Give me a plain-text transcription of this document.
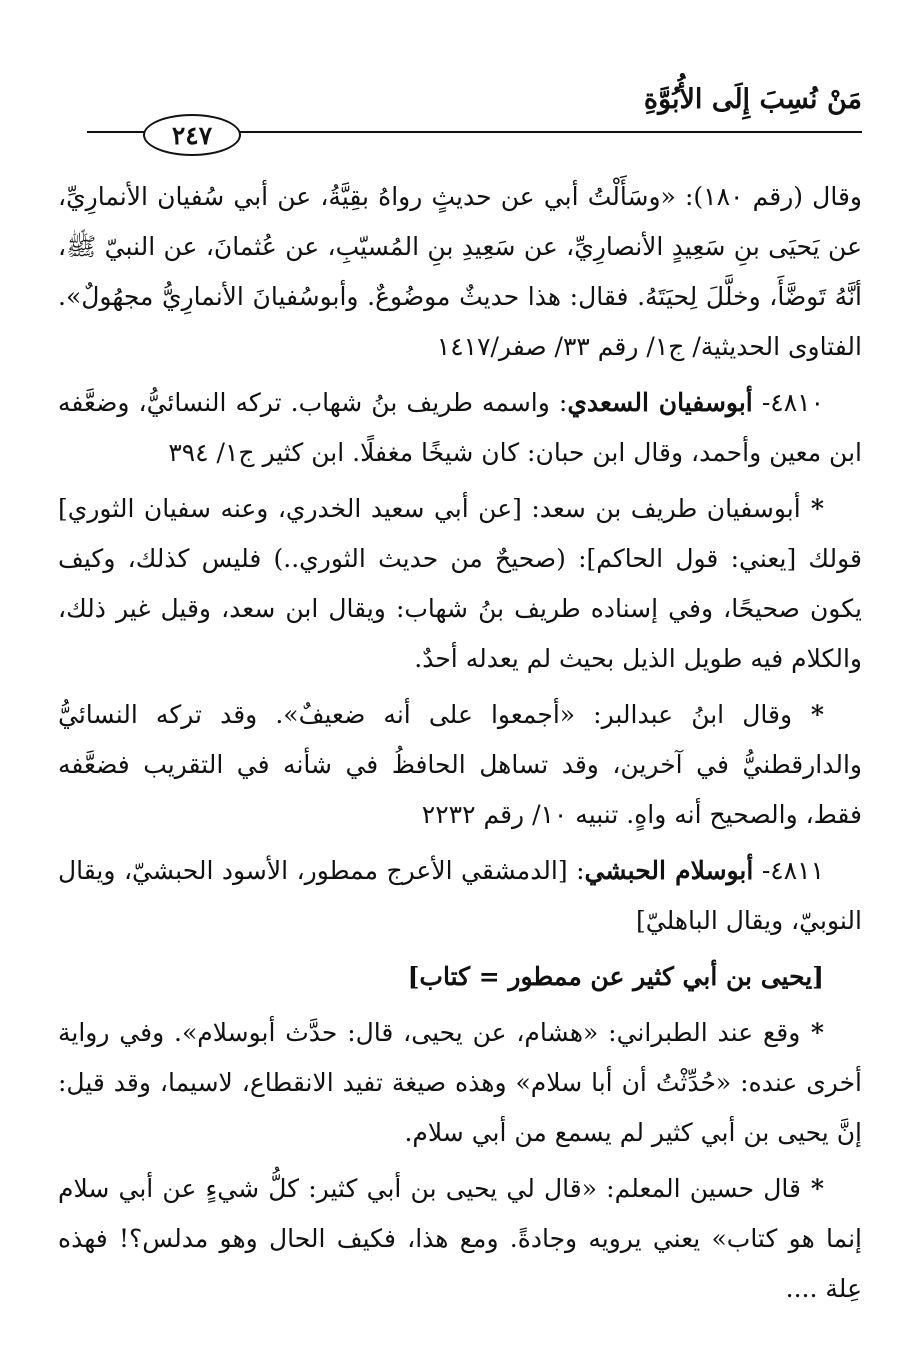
مَنْ نُسِبَ إِلَى الأُبُوَّةِ
٢٤٧

وقال (رقم ١٨٠): «وسَأَلْتُ أبي عن حديثٍ رواهُ بقِيَّةُ، عن أبي سُفيان الأنمارِيِّ، عن يَحيَى بنِ سَعِيدٍ الأنصارِيِّ، عن سَعِيدِ بنِ المُسيّبِ، عن عُثمانَ، عن النبيّ ﷺ، أنَّهُ تَوضَّأَ، وخلَّلَ لِحيَتَهُ. فقال: هذا حديثٌ موضُوعٌ. وأبوسُفيانَ الأنمارِيُّ مجهُولٌ». الفتاوى الحديثية/ ج١/ رقم ٣٣/ صفر/١٤١٧

٤٨١٠- أبوسفيان السعدي: واسمه طريف بنُ شهاب. تركه النسائيُّ، وضعَّفه ابن معين وأحمد، وقال ابن حبان: كان شيخًا مغفلًا. ابن كثير ج١/ ٣٩٤

* أبوسفيان طريف بن سعد: [عن أبي سعيد الخدري، وعنه سفيان الثوري] قولك [يعني: قول الحاكم]: (صحيحٌ من حديث الثوري..) فليس كذلك، وكيف يكون صحيحًا، وفي إسناده طريف بنُ شهاب: ويقال ابن سعد، وقيل غير ذلك، والكلام فيه طويل الذيل بحيث لم يعدله أحدٌ.

* وقال ابنُ عبدالبر: «أجمعوا على أنه ضعيفٌ». وقد تركه النسائيُّ والدارقطنيُّ في آخرين، وقد تساهل الحافظُ في شأنه في التقريب فضعَّفه فقط، والصحيح أنه واهٍ. تنبيه ١٠/ رقم ٢٢٣٢

٤٨١١- أبوسلام الحبشي: [الدمشقي الأعرج ممطور، الأسود الحبشيّ، ويقال النوبيّ، ويقال الباهليّ]

[يحيى بن أبي كثير عن ممطور = كتاب]

* وقع عند الطبراني: «هشام، عن يحيى، قال: حدَّث أبوسلام». وفي رواية أخرى عنده: «حُدِّثْتُ أن أبا سلام» وهذه صيغة تفيد الانقطاع، لاسيما، وقد قيل: إنَّ يحيى بن أبي كثير لم يسمع من أبي سلام.

* قال حسين المعلم: «قال لي يحيى بن أبي كثير: كلُّ شيءٍ عن أبي سلام إنما هو كتاب» يعني يرويه وجادةً. ومع هذا، فكيف الحال وهو مدلس؟! فهذه عِلة ....
